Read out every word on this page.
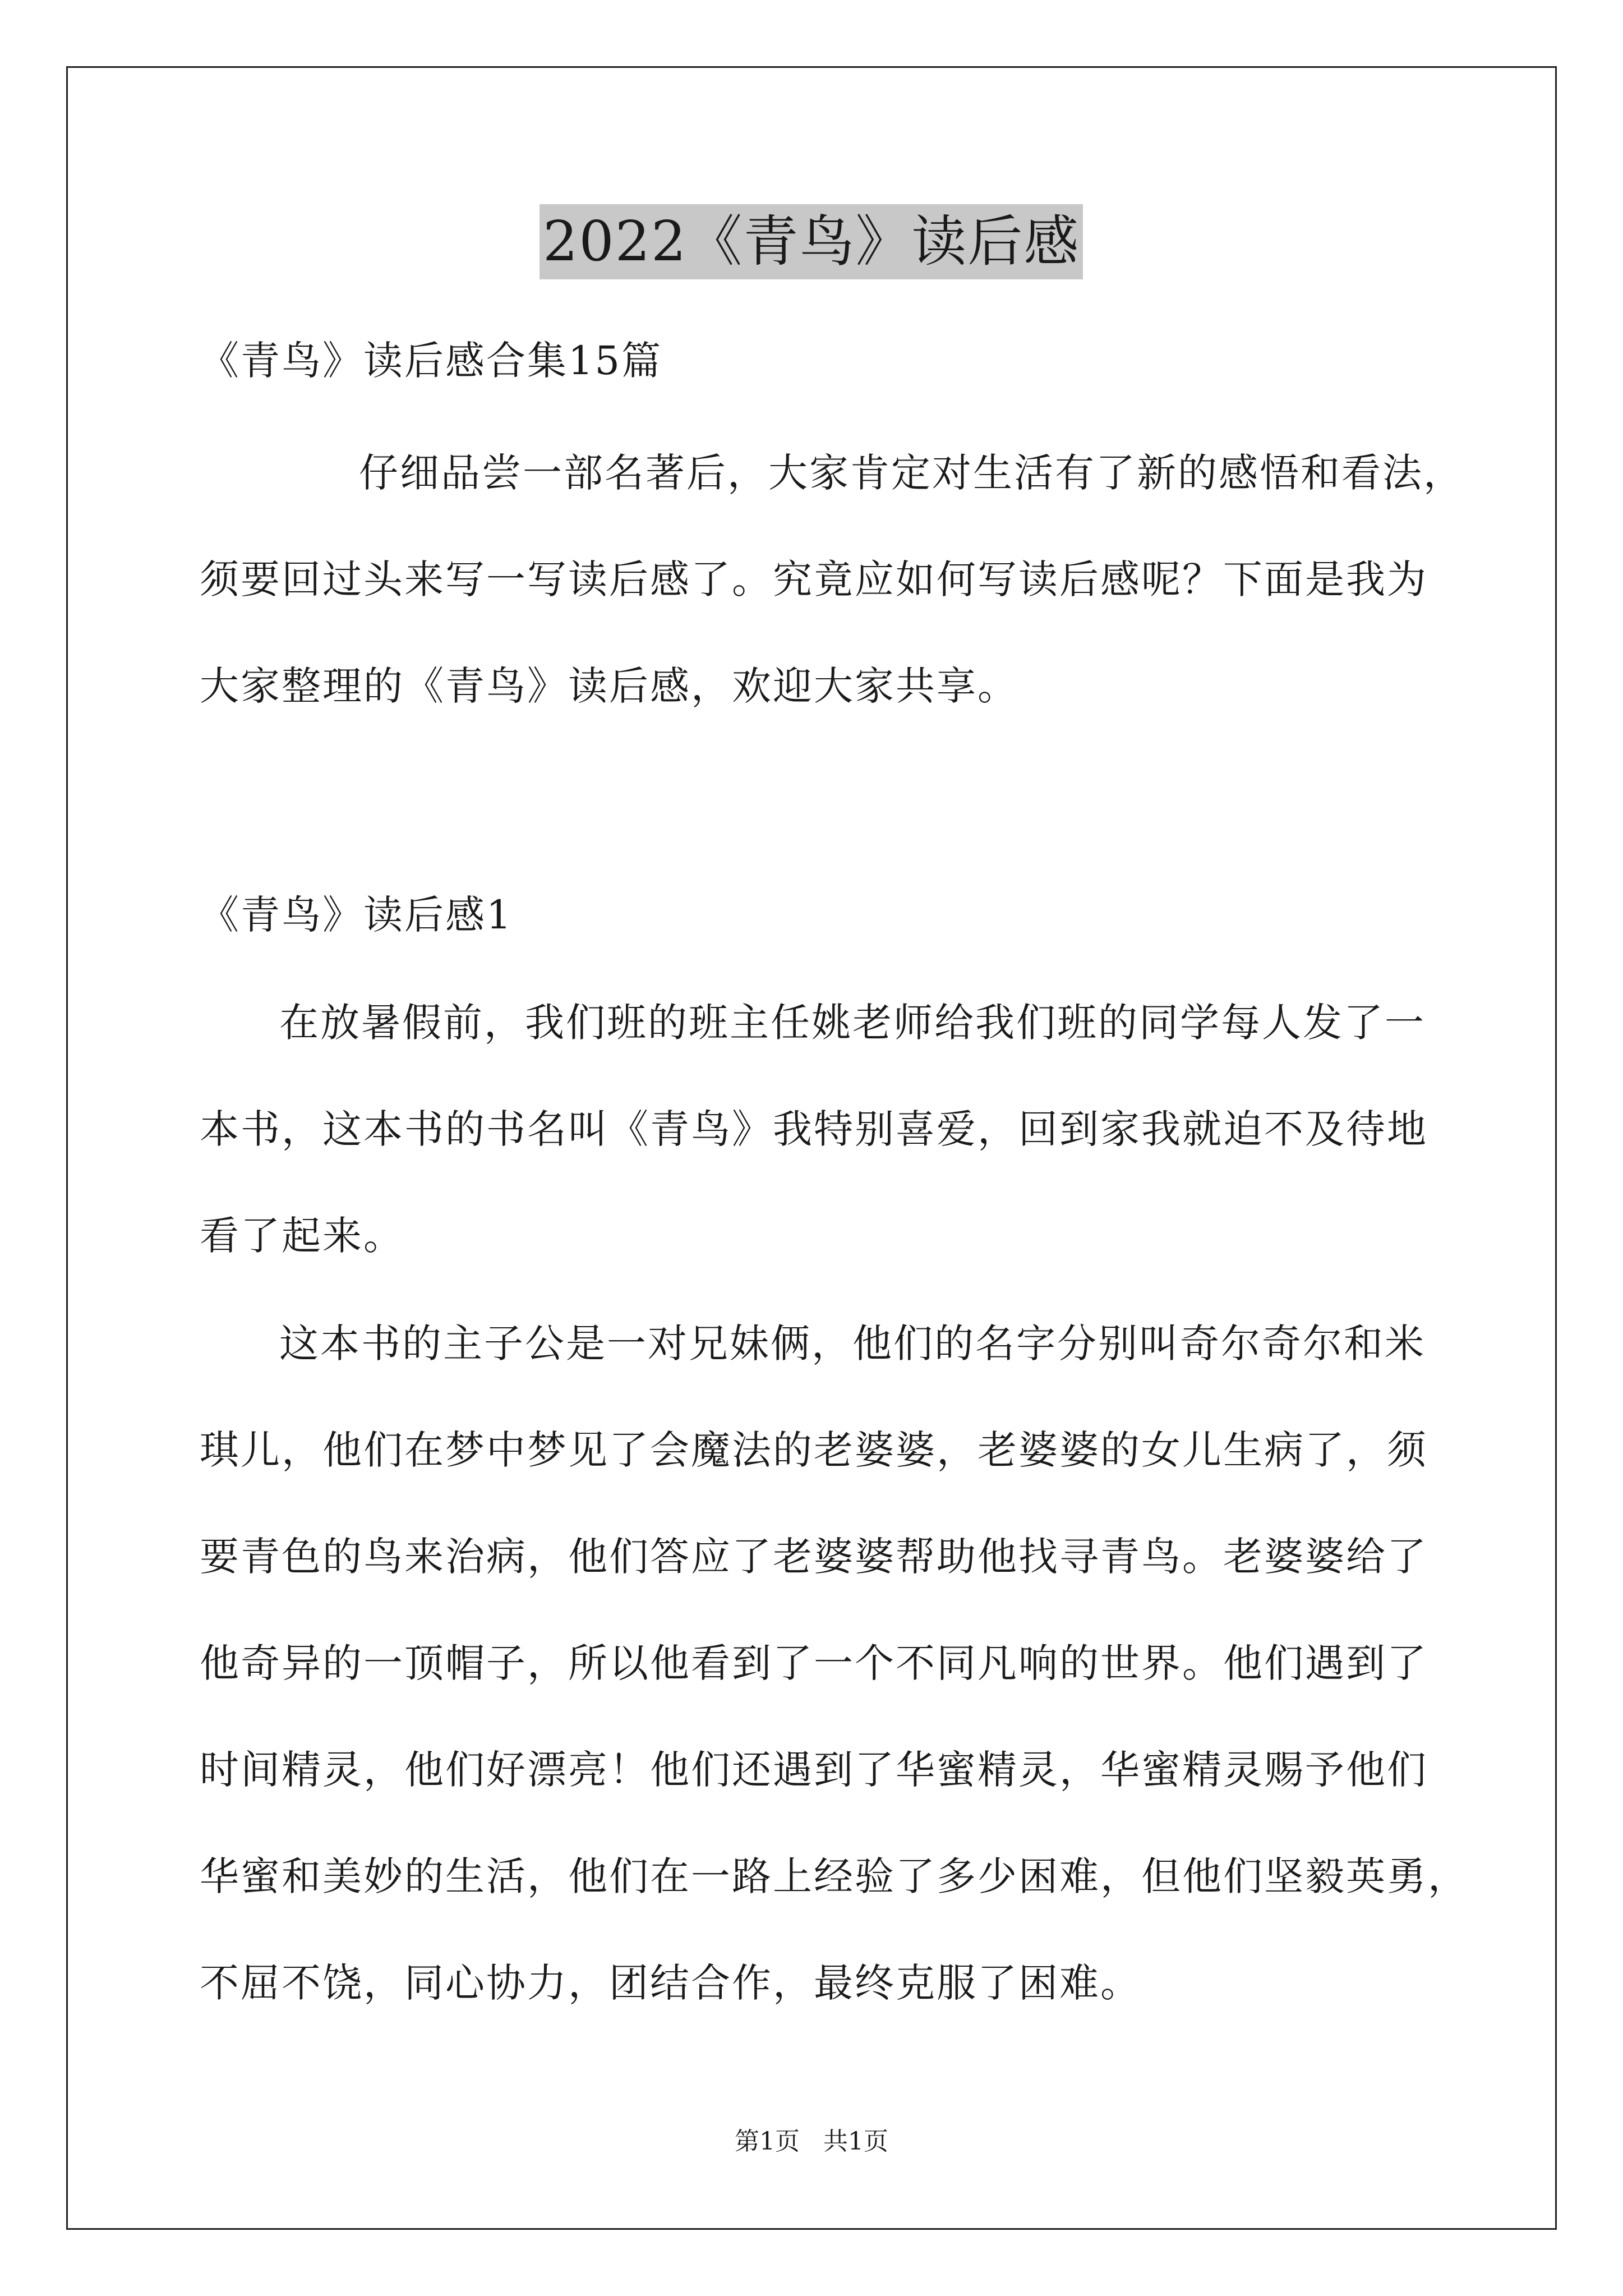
2022《青鸟》读后感
《青鸟》读后感合集15篇
仔细品尝一部名著后，大家肯定对生活有了新的感悟和看法，
须要回过头来写一写读后感了。究竟应如何写读后感呢？下面是我为
大家整理的《青鸟》读后感，欢迎大家共享。
《青鸟》读后感1
在放暑假前，我们班的班主任姚老师给我们班的同学每人发了一
本书，这本书的书名叫《青鸟》我特别喜爱，回到家我就迫不及待地
看了起来。
这本书的主子公是一对兄妹俩，他们的名字分别叫奇尔奇尔和米
琪儿，他们在梦中梦见了会魔法的老婆婆，老婆婆的女儿生病了，须
要青色的鸟来治病，他们答应了老婆婆帮助他找寻青鸟。老婆婆给了
他奇异的一顶帽子，所以他看到了一个不同凡响的世界。他们遇到了
时间精灵，他们好漂亮！他们还遇到了华蜜精灵，华蜜精灵赐予他们
华蜜和美妙的生活，他们在一路上经验了多少困难，但他们坚毅英勇，
不屈不饶，同心协力，团结合作，最终克服了困难。
第1页   共1页
